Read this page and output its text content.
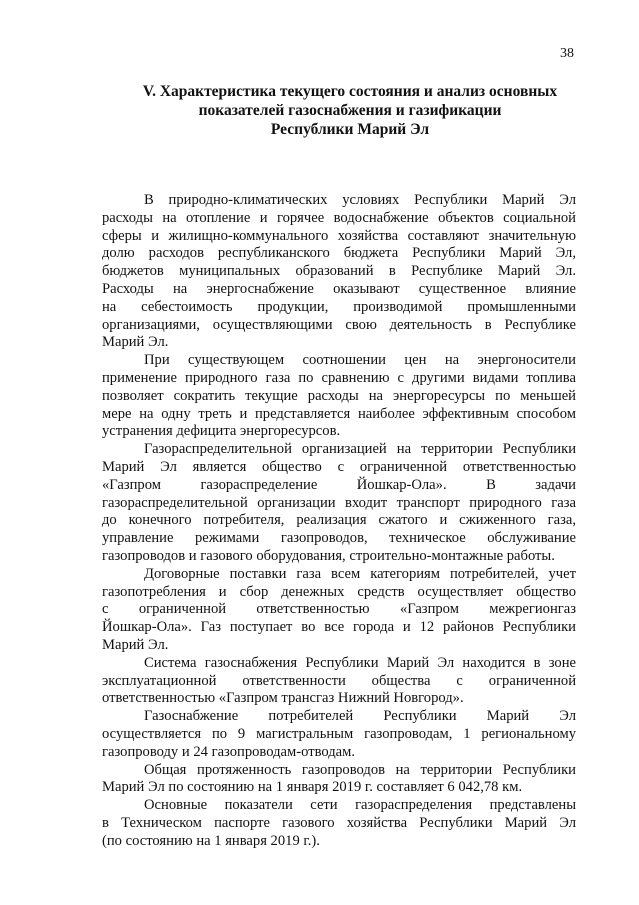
38
V. Характеристика текущего состояния и анализ основных
показателей газоснабжения и газификации
Республики Марий Эл
В природно-климатических условиях Республики Марий Эл
расходы на отопление и горячее водоснабжение объектов социальной
сферы и жилищно-коммунального хозяйства составляют значительную
долю расходов республиканского бюджета Республики Марий Эл,
бюджетов муниципальных образований в Республике Марий Эл.
Расходы на энергоснабжение оказывают существенное влияние
на себестоимость продукции, производимой промышленными
организациями, осуществляющими свою деятельность в Республике
Марий Эл.
При существующем соотношении цен на энергоносители
применение природного газа по сравнению с другими видами топлива
позволяет сократить текущие расходы на энергоресурсы по меньшей
мере на одну треть и представляется наиболее эффективным способом
устранения дефицита энергоресурсов.
Газораспределительной организацией на территории Республики
Марий Эл является общество с ограниченной ответственностью
«Газпром газораспределение Йошкар-Ола». В задачи
газораспределительной организации входит транспорт природного газа
до конечного потребителя, реализация сжатого и сжиженного газа,
управление режимами газопроводов, техническое обслуживание
газопроводов и газового оборудования, строительно-монтажные работы.
Договорные поставки газа всем категориям потребителей, учет
газопотребления и сбор денежных средств осуществляет общество
с ограниченной ответственностью «Газпром межрегионгаз
Йошкар-Ола». Газ поступает во все города и 12 районов Республики
Марий Эл.
Система газоснабжения Республики Марий Эл находится в зоне
эксплуатационной ответственности общества с ограниченной
ответственностью «Газпром трансгаз Нижний Новгород».
Газоснабжение потребителей Республики Марий Эл
осуществляется по 9 магистральным газопроводам, 1 региональному
газопроводу и 24 газопроводам-отводам.
Общая протяженность газопроводов на территории Республики
Марий Эл по состоянию на 1 января 2019 г. составляет 6 042,78 км.
Основные показатели сети газораспределения представлены
в Техническом паспорте газового хозяйства Республики Марий Эл
(по состоянию на 1 января 2019 г.).
